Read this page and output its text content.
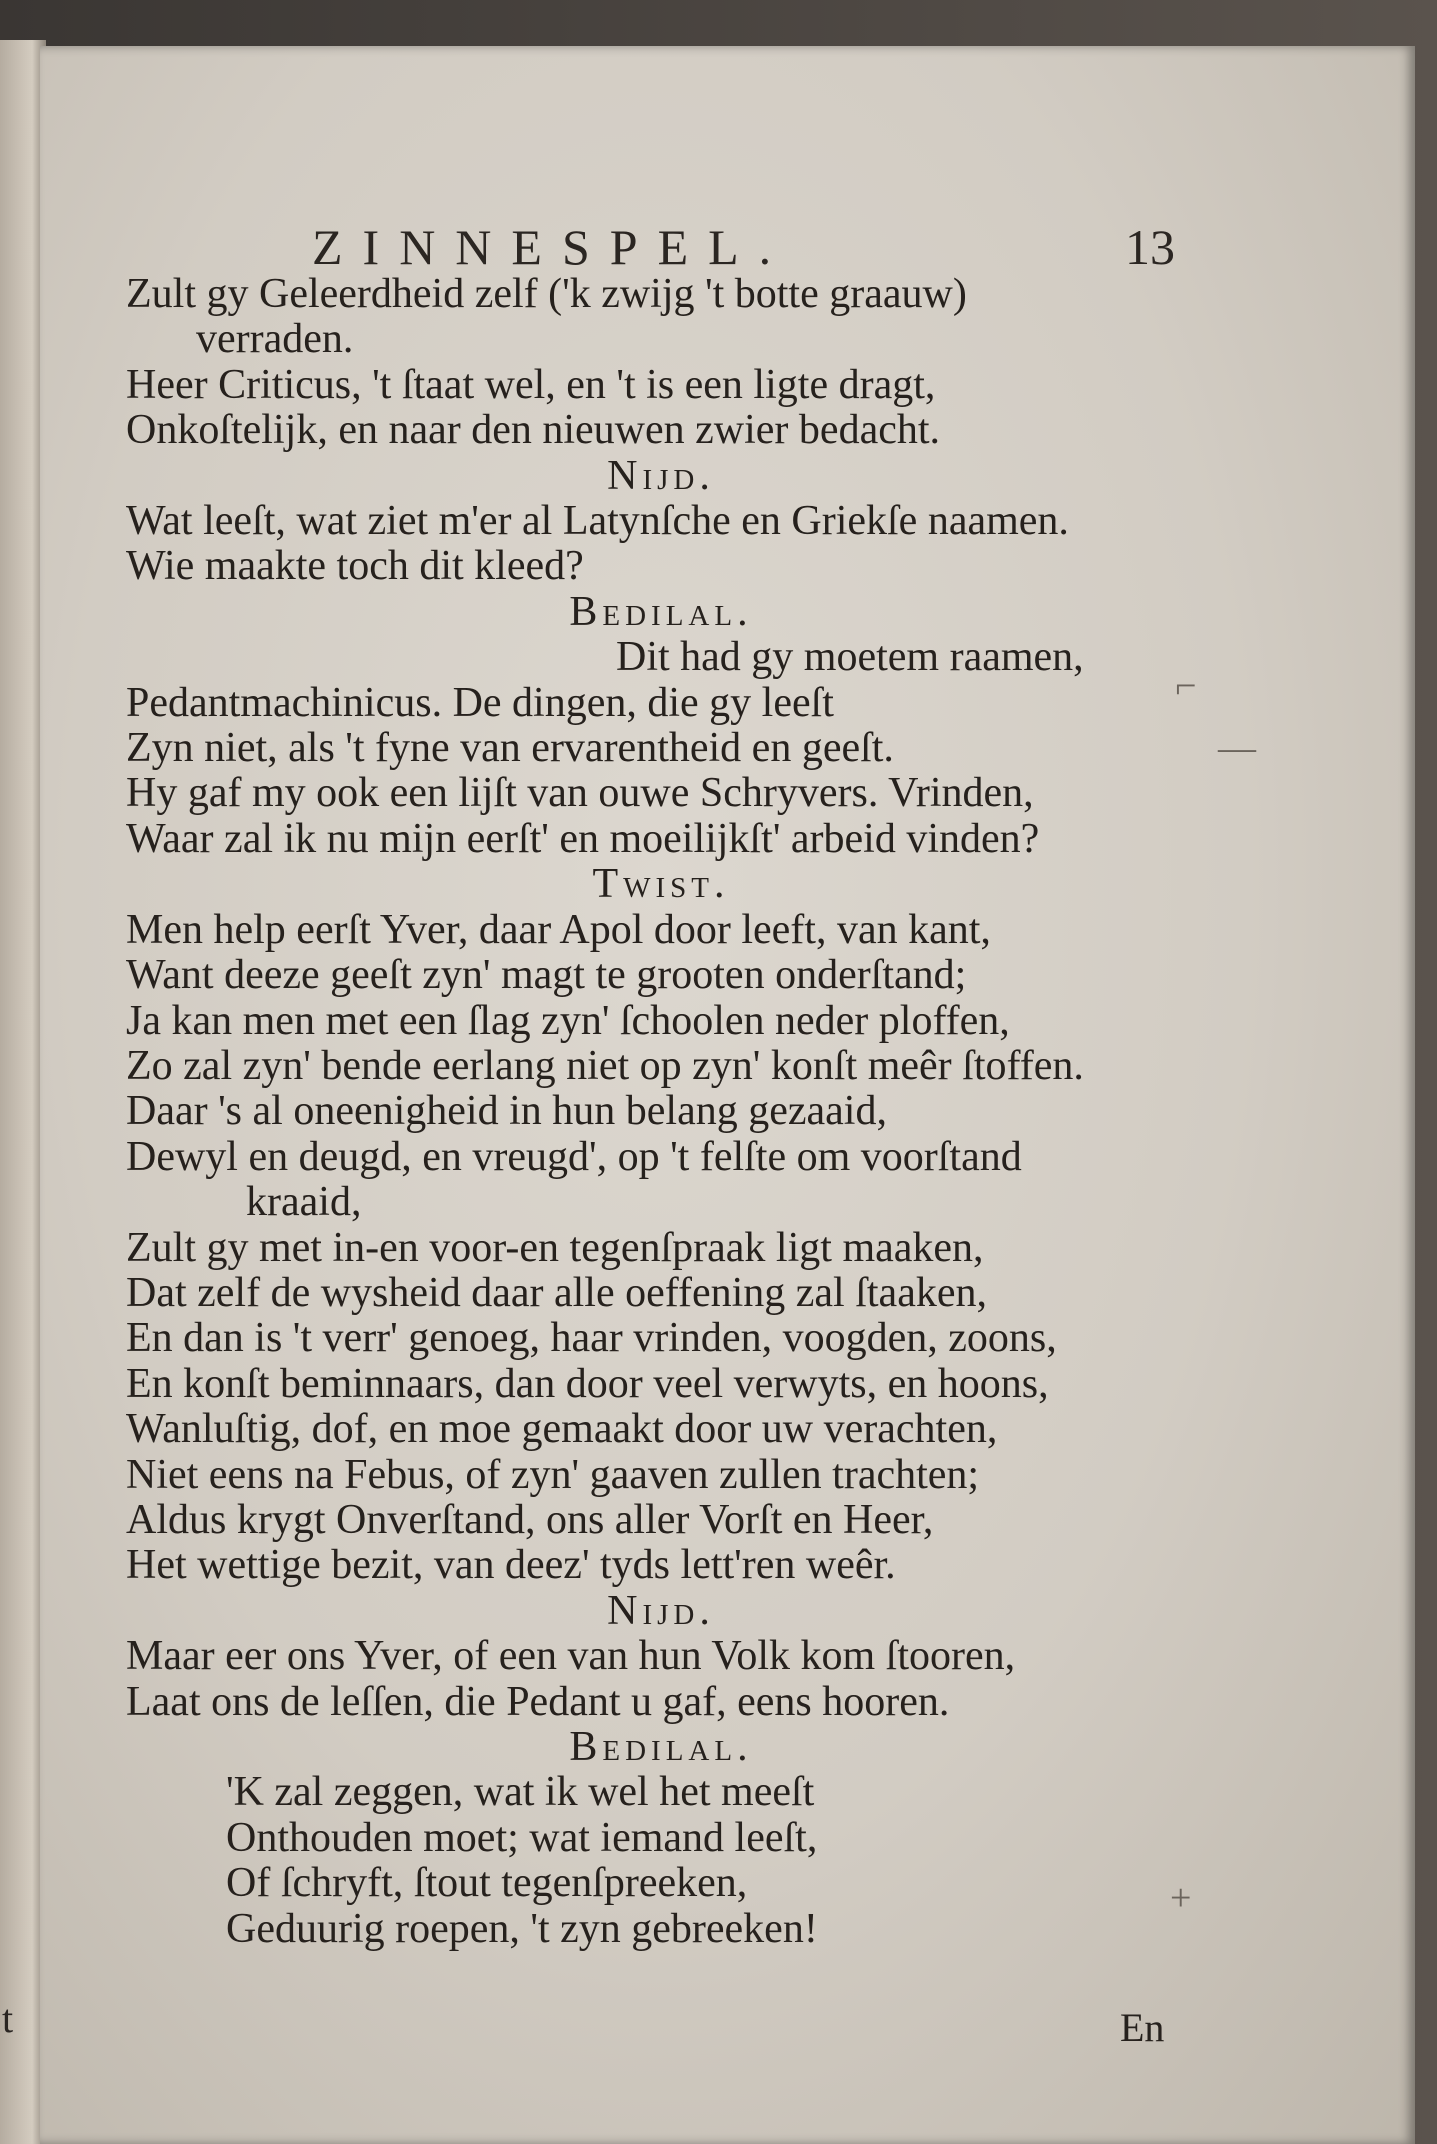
t
ZINNESPEL.	13
Zult gy Geleerdheid zelf ('k zwijg 't botte graauw)
verraden.
Heer Criticus, 't ſtaat wel, en 't is een ligte dragt,
Onkoſtelijk, en naar den nieuwen zwier bedacht.
Nijd.
Wat leeſt, wat ziet m'er al Latynſche en Griekſe naamen.
Wie maakte toch dit kleed?
Bedilal.
Dit had gy moetem raamen,
Pedantmachinicus. De dingen, die gy leeſt
Zyn niet, als 't fyne van ervarentheid en geeſt.
Hy gaf my ook een lijſt van ouwe Schryvers. Vrinden,
Waar zal ik nu mijn eerſt' en moeilijkſt' arbeid vinden?
Twist.
Men help eerſt Yver, daar Apol door leeft, van kant,
Want deeze geeſt zyn' magt te grooten onderſtand;
Ja kan men met een ſlag zyn' ſchoolen neder ploffen,
Zo zal zyn' bende eerlang niet op zyn' konſt meêr ſtoffen.
Daar 's al oneenigheid in hun belang gezaaid,
Dewyl en deugd, en vreugd', op 't felſte om voorſtand
kraaid,
Zult gy met in-en voor-en tegenſpraak ligt maaken,
Dat zelf de wysheid daar alle oeffening zal ſtaaken,
En dan is 't verr' genoeg, haar vrinden, voogden, zoons,
En konſt beminnaars, dan door veel verwyts, en hoons,
Wanluſtig, dof, en moe gemaakt door uw verachten,
Niet eens na Febus, of zyn' gaaven zullen trachten;
Aldus krygt Onverſtand, ons aller Vorſt en Heer,
Het wettige bezit, van deez' tyds lett'ren weêr.
Nijd.
Maar eer ons Yver, of een van hun Volk kom ſtooren,
Laat ons de leſſen, die Pedant u gaf, eens hooren.
Bedilal.
'K zal zeggen, wat ik wel het meeſt
Onthouden moet; wat iemand leeſt,
Of ſchryft, ſtout tegenſpreeken,
Geduurig roepen, 't zyn gebreeken!
En
⌐
—
+
